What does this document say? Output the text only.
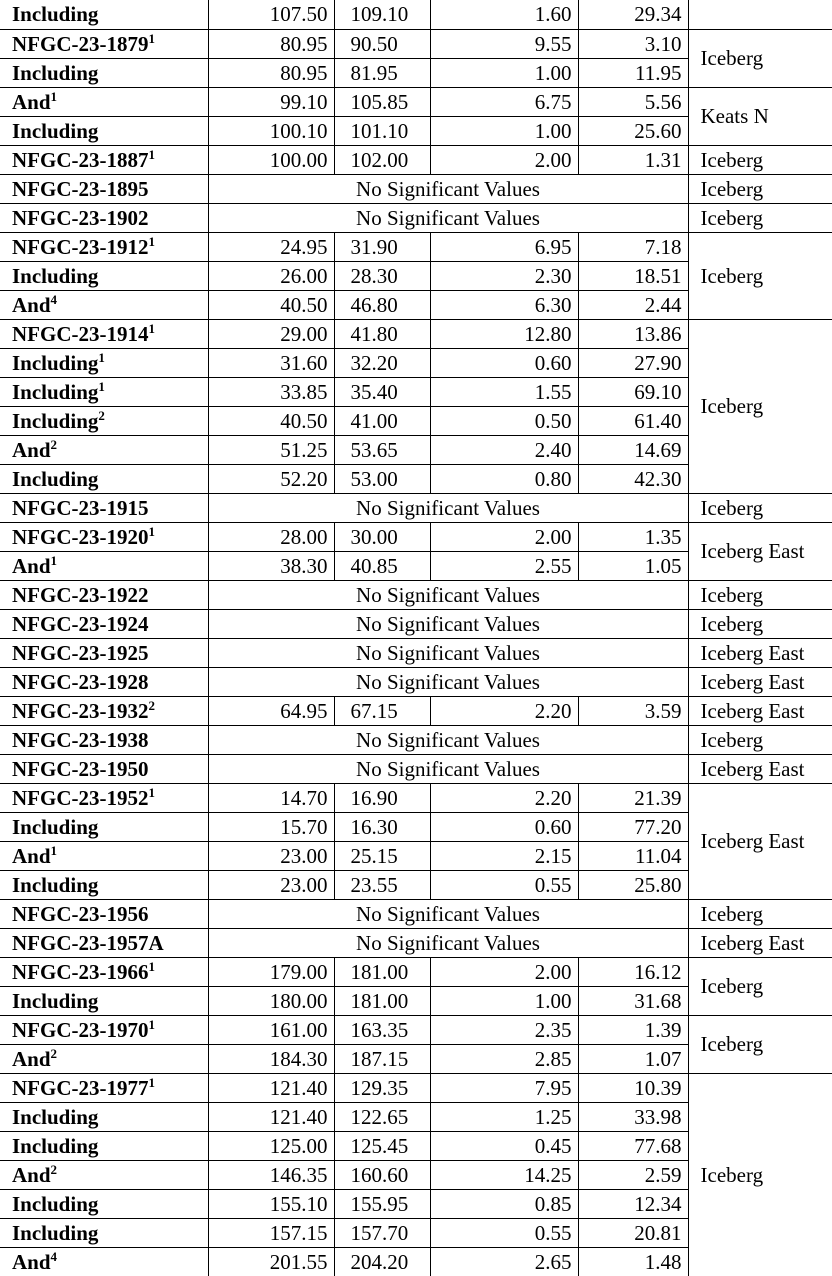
Including	107.50	109.10	1.60	29.34	
NFGC-23-1879$^1$	80.95	90.50	9.55	3.10	Iceberg
Including	80.95	81.95	1.00	11.95	
And$^1$	99.10	105.85	6.75	5.56	Keats N
Including	100.10	101.10	1.00	25.60	
NFGC-23-1887$^1$	100.00	102.00	2.00	1.31	Iceberg
NFGC-23-1895	No Significant Values				Iceberg
NFGC-23-1902	No Significant Values				Iceberg
NFGC-23-1912$^1$	24.95	31.90	6.95	7.18	Iceberg
Including	26.00	28.30	2.30	18.51	
And$^4$	40.50	46.80	6.30	2.44	
NFGC-23-1914$^1$	29.00	41.80	12.80	13.86	Iceberg
Including$^1$	31.60	32.20	0.60	27.90	
Including$^1$	33.85	35.40	1.55	69.10	
Including$^2$	40.50	41.00	0.50	61.40	
And$^2$	51.25	53.65	2.40	14.69	
Including	52.20	53.00	0.80	42.30	
NFGC-23-1915	No Significant Values				Iceberg
NFGC-23-1920$^1$	28.00	30.00	2.00	1.35	Iceberg East
And$^1$	38.30	40.85	2.55	1.05	
NFGC-23-1922	No Significant Values				Iceberg
NFGC-23-1924	No Significant Values				Iceberg
NFGC-23-1925	No Significant Values				Iceberg East
NFGC-23-1928	No Significant Values				Iceberg East
NFGC-23-1932$^2$	64.95	67.15	2.20	3.59	Iceberg East
NFGC-23-1938	No Significant Values				Iceberg
NFGC-23-1950	No Significant Values				Iceberg East
NFGC-23-1952$^1$	14.70	16.90	2.20	21.39	Iceberg East
Including	15.70	16.30	0.60	77.20	
And$^1$	23.00	25.15	2.15	11.04	
Including	23.00	23.55	0.55	25.80	
NFGC-23-1956	No Significant Values				Iceberg
NFGC-23-1957A	No Significant Values				Iceberg East
NFGC-23-1966$^1$	179.00	181.00	2.00	16.12	Iceberg
Including	180.00	181.00	1.00	31.68	
NFGC-23-1970$^1$	161.00	163.35	2.35	1.39	Iceberg
And$^2$	184.30	187.15	2.85	1.07	
NFGC-23-1977$^1$	121.40	129.35	7.95	10.39	Iceberg
Including	121.40	122.65	1.25	33.98	
Including	125.00	125.45	0.45	77.68	
And$^2$	146.35	160.60	14.25	2.59	
Including	155.10	155.95	0.85	12.34	
Including	157.15	157.70	0.55	20.81	
And$^4$	201.55	204.20	2.65	1.48	
